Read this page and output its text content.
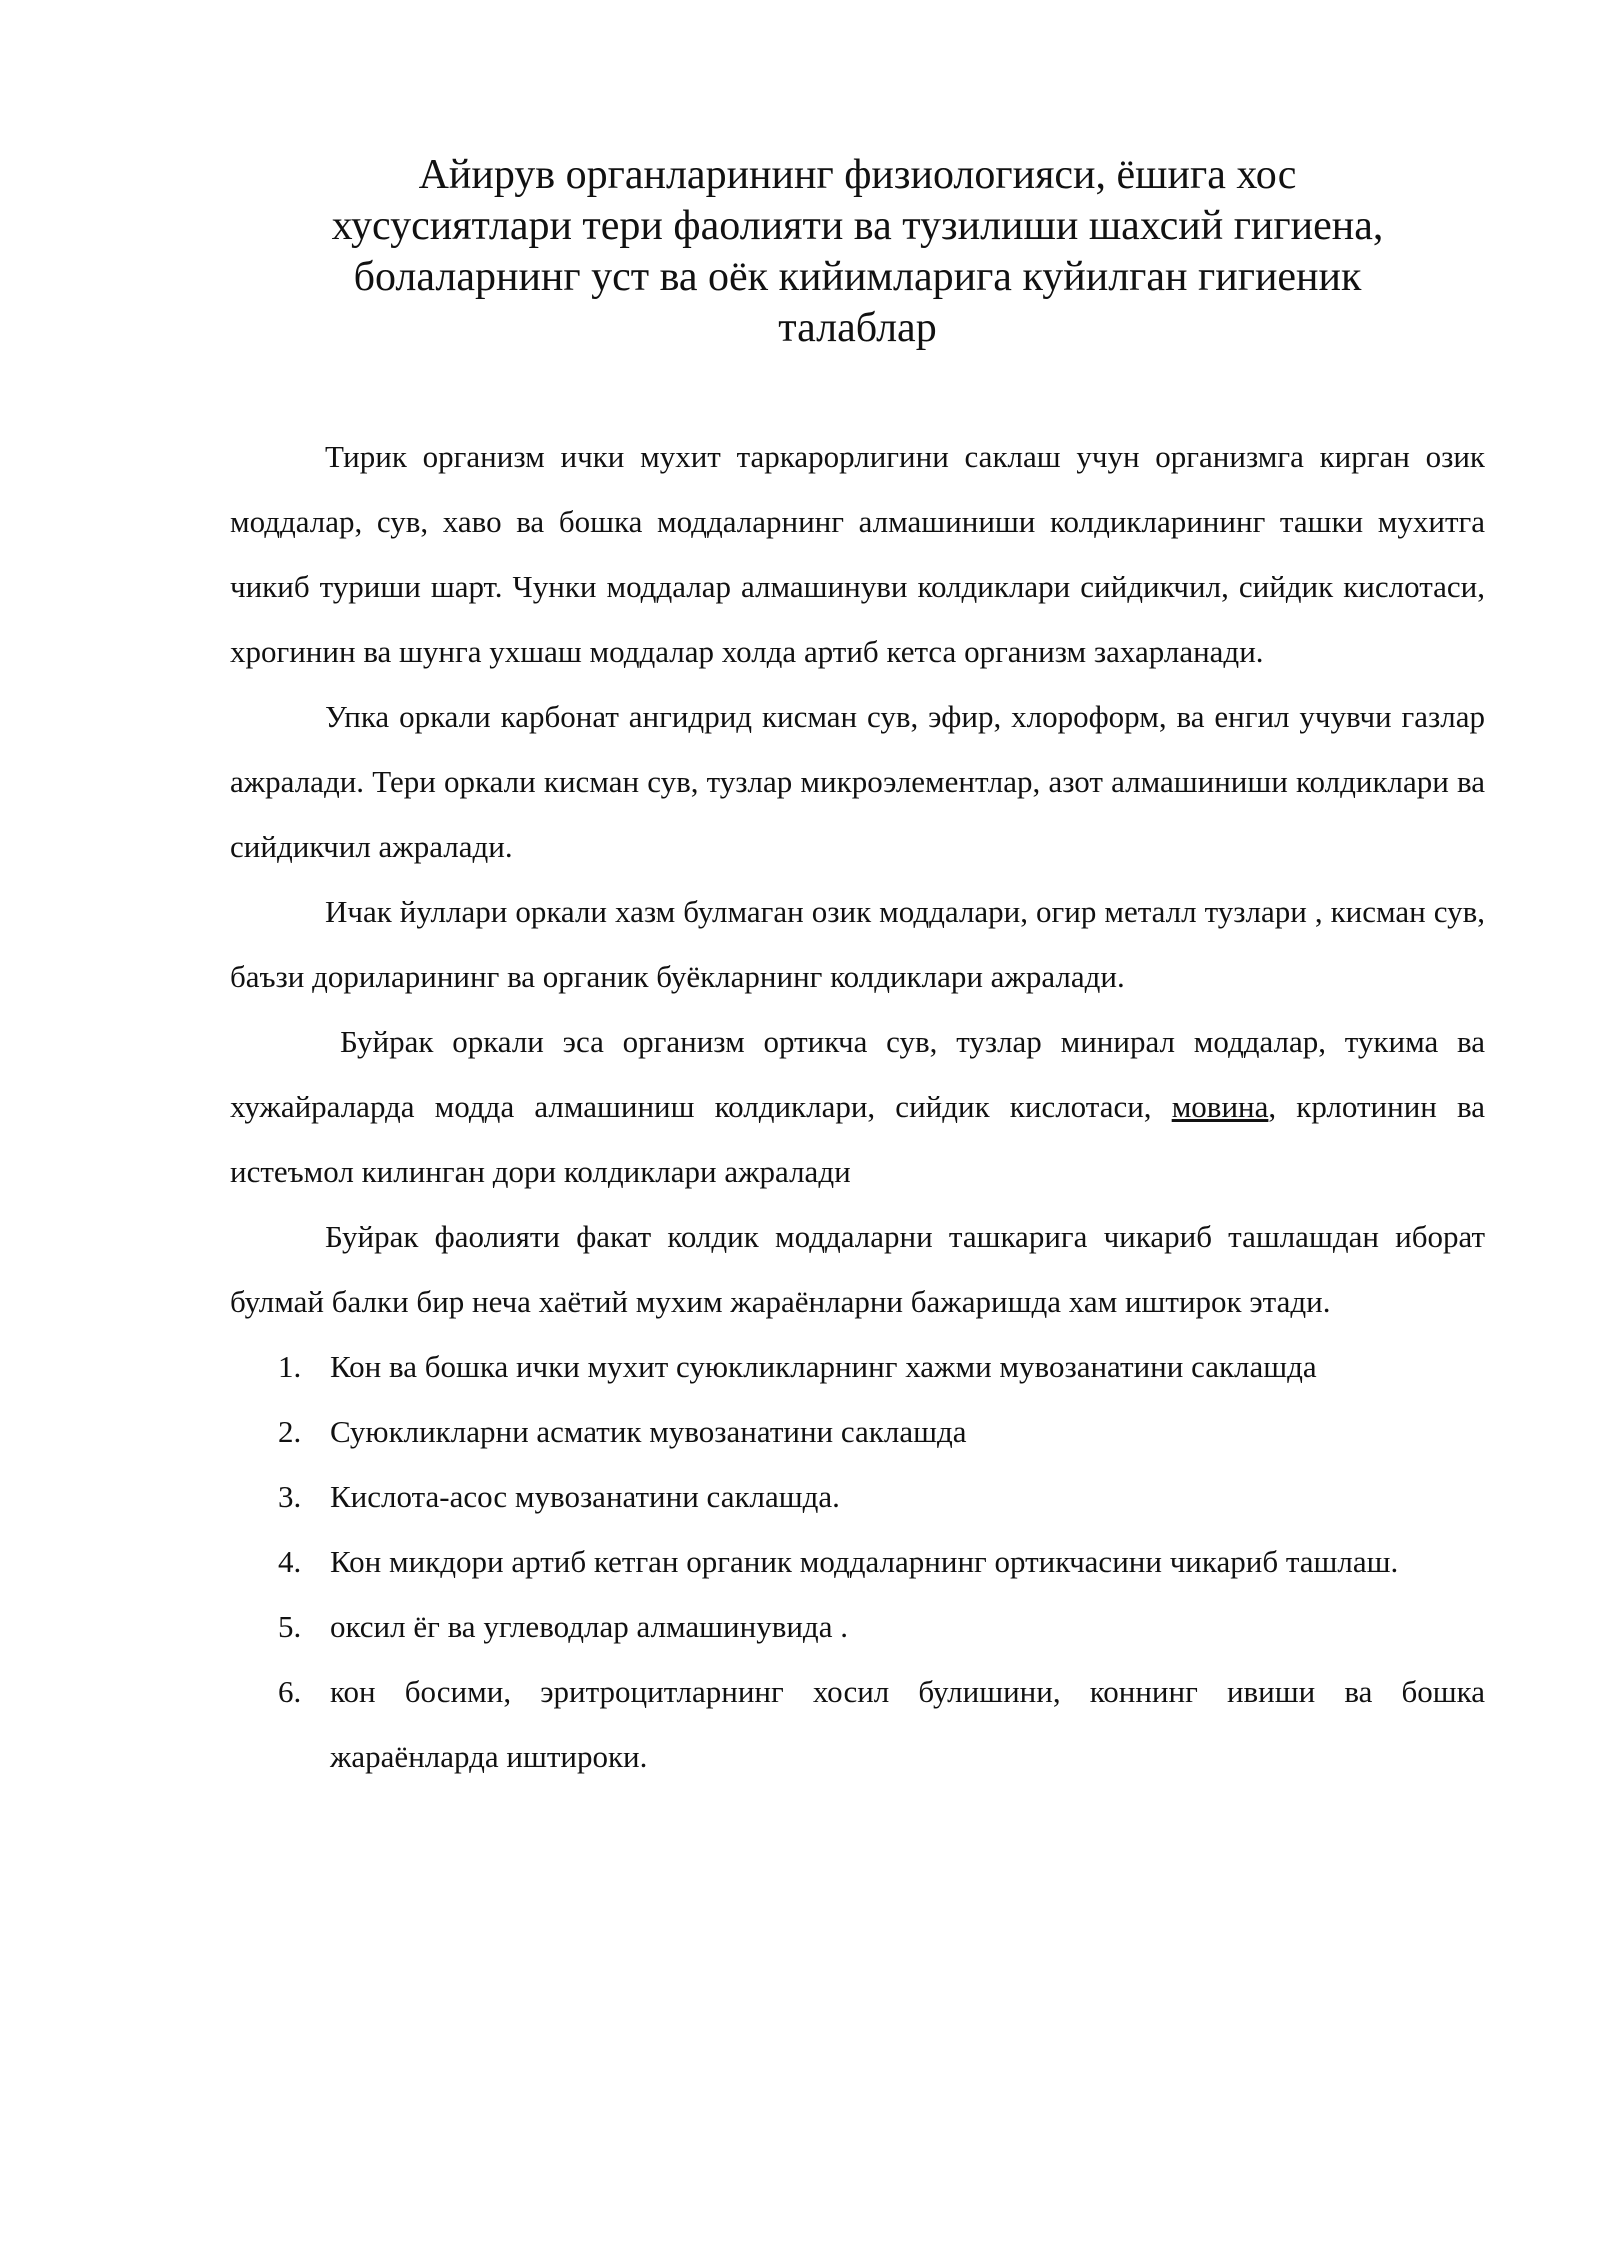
Айирув органларининг физиологияси, ёшига хос
хусусиятлари тери фаолияти ва тузилиши шахсий гигиена,
болаларнинг уст ва оёк кийимларига куйилган гигиеник
талаблар

Тирик организм ички мухит таркарорлигини саклаш учун организмга кирган озик моддалар, сув, хаво ва бошка моддаларнинг алмашиниши колдикларининг ташки мухитга чикиб туриши шарт. Чунки моддалар алмашинуви колдиклари сийдикчил, сийдик кислотаси, хрогинин ва шунга ухшаш моддалар холда артиб кетса организм захарланади.

Упка оркали карбонат ангидрид кисман сув, эфир, хлороформ, ва енгил учувчи газлар ажралади. Тери оркали кисман сув, тузлар микроэлементлар, азот алмашиниши колдиклари ва сийдикчил ажралади.

Ичак йуллари оркали хазм булмаган озик моддалари, огир металл тузлари , кисман сув, баъзи дориларининг ва органик буёкларнинг колдиклари ажралади.

Буйрак оркали эса организм ортикча сув, тузлар минирал моддалар, тукима ва хужайраларда модда алмашиниш колдиклари, сийдик кислотаси, мовина, крлотинин ва истеъмол килинган дори колдиклари ажралади

Буйрак фаолияти факат колдик моддаларни ташкарига чикариб ташлашдан иборат булмай балки бир неча хаётий мухим жараёнларни бажаришда хам иштирок этади.

1. Кон ва бошка ички мухит суюкликларнинг хажми мувозанатини саклашда
2. Суюкликларни асматик мувозанатини саклашда
3. Кислота-асос мувозанатини саклашда.
4. Кон микдори артиб кетган органик моддаларнинг ортикчасини чикариб ташлаш.
5. оксил ёг ва углеводлар алмашинувида .
6. кон босими, эритроцитларнинг хосил булишини, коннинг ивиши ва бошка жараёнларда иштироки.
